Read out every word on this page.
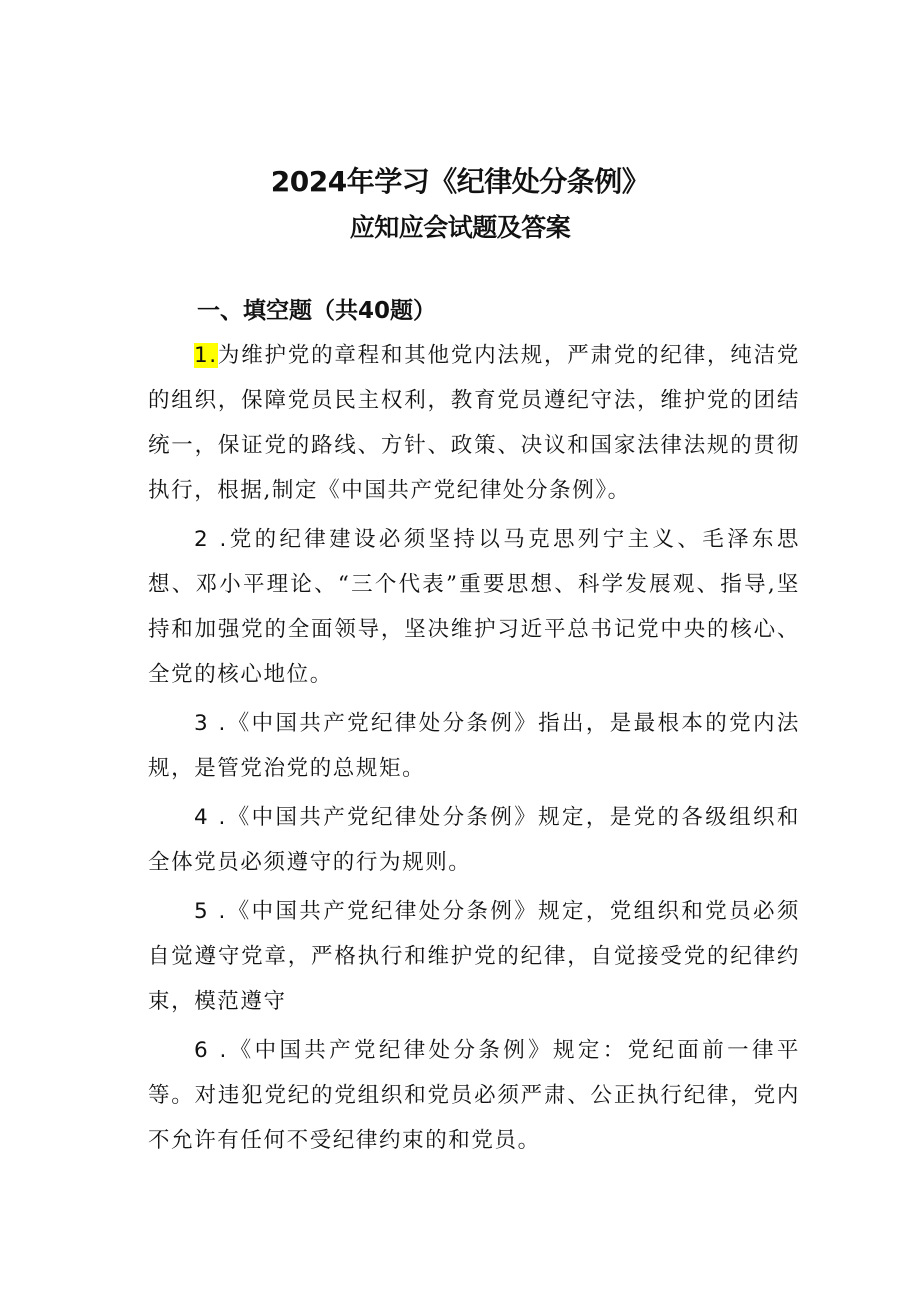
2024年学习《纪律处分条例》
应知应会试题及答案
一、填空题（共40题）

1.为维护党的章程和其他党内法规，严肃党的纪律，纯洁党的组织，保障党员民主权利，教育党员遵纪守法，维护党的团结统一，保证党的路线、方针、政策、决议和国家法律法规的贯彻执行，根据,制定《中国共产党纪律处分条例》。

2 .党的纪律建设必须坚持以马克思列宁主义、毛泽东思想、邓小平理论、“三个代表”重要思想、科学发展观、指导,坚持和加强党的全面领导，坚决维护习近平总书记党中央的核心、全党的核心地位。

3 .《中国共产党纪律处分条例》指出，是最根本的党内法规，是管党治党的总规矩。

4 .《中国共产党纪律处分条例》规定，是党的各级组织和全体党员必须遵守的行为规则。

5 .《中国共产党纪律处分条例》规定，党组织和党员必须自觉遵守党章，严格执行和维护党的纪律，自觉接受党的纪律约束，模范遵守

6 .《中国共产党纪律处分条例》规定：党纪面前一律平等。对违犯党纪的党组织和党员必须严肃、公正执行纪律，党内不允许有任何不受纪律约束的和党员。
